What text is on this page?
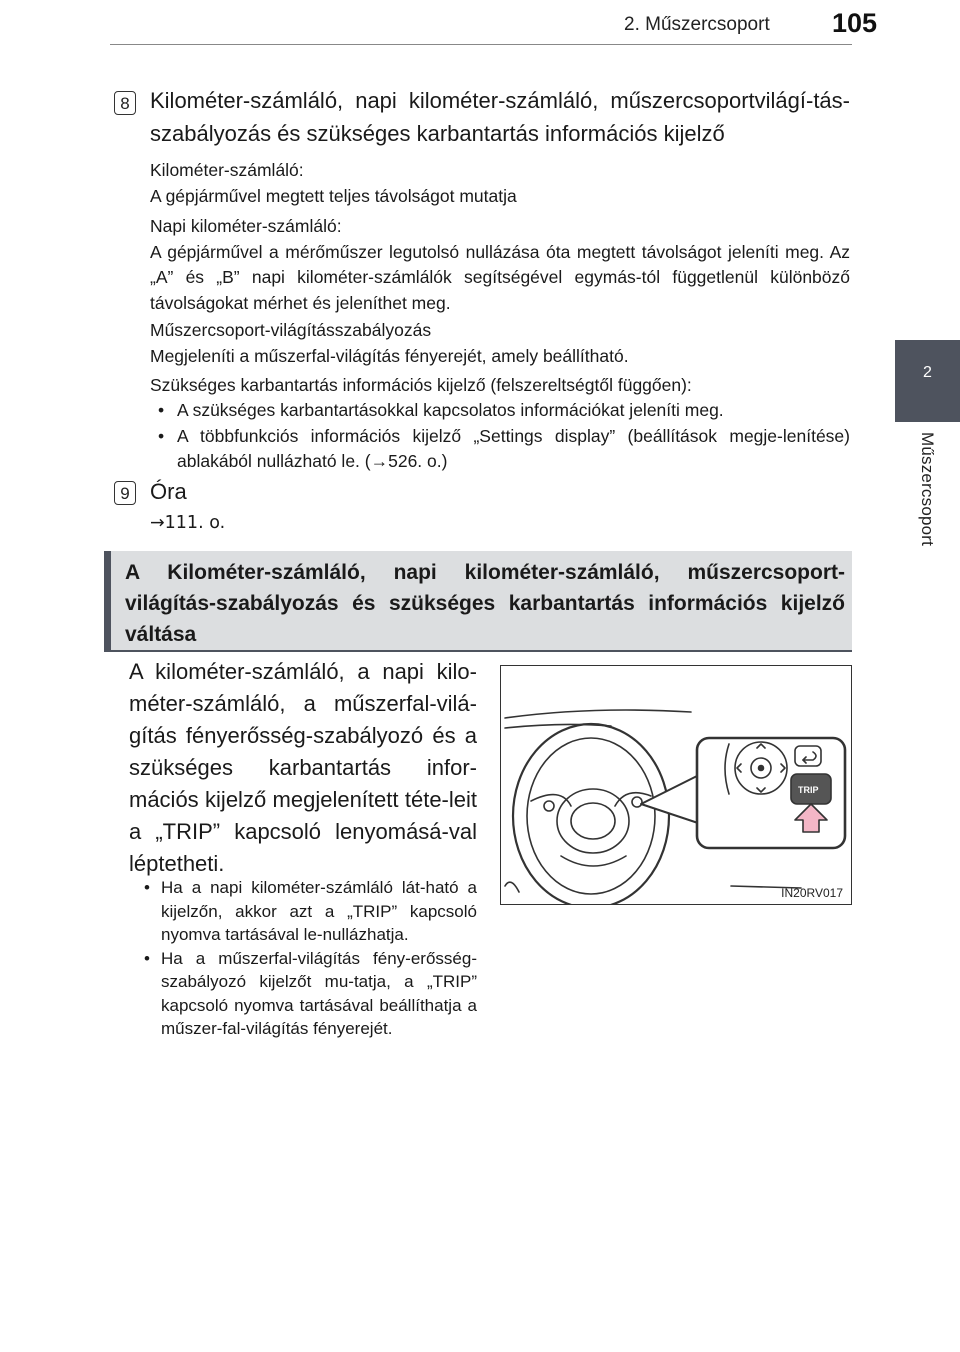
2. Műszercsoport 105
2
Műszercsoport
8 Kilométer-számláló, napi kilométer-számláló, műszercsoportvilágí-tás-szabályozás és szükséges karbantartás információs kijelző
Kilométer-számláló:
A gépjárművel megtett teljes távolságot mutatja
Napi kilométer-számláló:
A gépjárművel a mérőműszer legutolsó nullázása óta megtett távolságot jeleníti meg. Az „A” és „B” napi kilométer-számlálók segítségével egymás-tól függetlenül különböző távolságokat mérhet és jeleníthet meg.
Műszercsoport-világításszabályozás
Megjeleníti a műszerfal-világítás fényerejét, amely beállítható.
Szükséges karbantartás információs kijelző (felszereltségtől függően):
• A szükséges karbantartásokkal kapcsolatos információkat jeleníti meg.
• A többfunkciós információs kijelző „Settings display” (beállítások megje-lenítése) ablakából nullázható le. (→526. o.)
9 Óra
→111. o.
A Kilométer-számláló, napi kilométer-számláló, műszercsoport-világítás-szabályozás és szükséges karbantartás információs kijelző váltása
A kilométer-számláló, a napi kilo-méter-számláló, a műszerfal-vilá-gítás fényerősség-szabályozó és a szükséges karbantartás infor-mációs kijelző megjelenített téte-leit a „TRIP” kapcsoló lenyomásá-val léptetheti.
• Ha a napi kilométer-számláló lát-ható a kijelzőn, akkor azt a „TRIP” kapcsoló nyomva tartásával le-nullázhatja.
• Ha a műszerfal-világítás fény-erősség-szabályozó kijelzőt mu-tatja, a „TRIP” kapcsoló nyomva tartásával beállíthatja a műszer-fal-világítás fényerejét.
TRIP
IN20RV017
